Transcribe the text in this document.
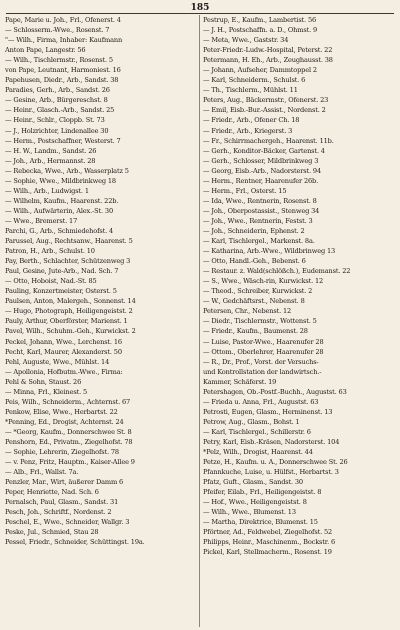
185
Pape, Marie u. Joh., Frl., Ofenerst. 4
— Schlosserm.-Wwe., Rosenst. 7
"— Wilh., Firma, Inhaber: Kaufmann
Anton Pape, Langestr. 56
— Wilh., Tischlermstr., Rosenst. 5
von Pape, Leutnant, Harmoniest. 16
Papehusen, Diedr., Arb., Sandst. 38
Paradies, Gerh., Arb., Sandst. 26
— Gesine, Arb., Bürgereschst. 8
— Heinr., Glasch.-Arb., Sandst. 25
— Heinr., Schlr., Cloppb. St. 73
— J., Holzrichter, Lindenallee 30
— Herm., Postschaffner, Westerst. 7
— H. W., Landm., Sandst. 26
— Joh., Arb., Hermannst. 28
— Rebecka, Wwe., Arb., Wasserplatz 5
— Sophie, Wwe., Mildbrinkweg 18
— Wilh., Arb., Ludwigst. 1
— Wilhelm, Kaufm., Haarenst. 22b.
— Wilh., Aufwärterin, Alex.-St. 30
— Wwe., Bremerst. 17
Parchi, G., Arb., Schmiedehofst. 4
Parussel, Aug., Rechtsanw., Haarenst. 5
Patron, H., Arb., Schulst. 10
Pay, Berth., Schlachter, Schützenweg 3
Paul, Gesine, Jute-Arb., Nad. Sch. 7
— Otto, Hoboist, Nad.-St. 85
Pauling, Konzertmeister, Osterst. 5
Paulsen, Anton, Malergeh., Sonnenst. 14
— Hugo, Photograph, Heiligengeistst. 2
Pauly, Arthur, Oberförster, Marienst. 1
Pavel, Wilh., Schuhm.-Geh., Kurwickst. 2
Peckel, Johann, Wwe., Lerchenst. 16
Pecht, Karl, Maurer, Alexanderst. 50
Pehl, Auguste, Wwe., Mühlst. 14
— Apollonia, Hofbutm.-Wwe., Firma:
Pehl & Sohn, Staust. 26
— Minna, Frl., Kleinest. 5
Peis, Wilh., Schneiderm., Achternst. 67
Penkow, Elise, Wwe., Herbartst. 22
*Penning, Ed., Drogist, Achternst. 24
— *Georg, Kaufm., Donnerschwee St. 8
Penshorn, Ed., Privatm., Ziegelhofst. 78
— Sophie, Lehrerin, Ziegelhofst. 78
— v. Penz, Fritz, Hauptm., Kaiser-Allee 9
— Alb., Frl., Wallst. 7a.
Penzler, Mar., Wirt, äußerer Damm 6
Peper, Henriette, Nad. Sch. 6
Pernalsch, Paul, Glasm., Sandst. 31
Pesch, Joh., Schriftf., Nordenst. 2
Peschel, E., Wwe., Schneider, Wallgr. 3
Peske, Jul., Schmied, Stau 28
Pessel, Friedr., Schneider, Schüttingst. 19a.
Pestrup, E., Kaufm., Lambertist. 56
— J. H., Postschaffn. a. D., Ohmst. 9
— Meta, Wwe., Gaststr. 34
Peter-Friedr.-Ludw.-Hospital, Peterst. 22
Petermann, H. Eh., Arb., Zeughausst. 38
— Johann, Aufseher, Dammtoppel 2
— Karl, Schneiderm., Schulst. 6
— Th., Tischlerm., Mühlst. 11
Peters, Aug., Bäckermstr., Ofenerst. 23
— Emil, Eisb.-Bur.-Assist., Nordenst. 2
— Friedr., Arb., Ofener Ch. 18
— Friedr., Arb., Kriegerst. 3
— Fr., Schirrmachergeh., Haarenst. 11b.
— Gerh., Konditor-Bäcker, Gartenst. 4
— Gerh., Schlosser, Mildbrinkweg 3
— Georg, Eisb.-Arb., Nadorsterst. 94
— Herm., Rentner, Haarenufer 26b.
— Herm., Frl., Osterst. 15
— Ida, Wwe., Rentnerin, Rosenst. 8
— Joh., Oberpostassist., Stenweg 34
— Joh., Wwe., Rentnerin, Festst. 3
— Joh., Schneiderin, Ephenst. 2
— Karl, Tischlergel., Markenst. 8a.
— Katharina, Arb.-Wwe., Wildbrinweg 13
— Otto, Handl.-Geh., Bebenst. 6
— Restaur. z. Wald(schlößch.), Eudemanst. 22
— S., Wwe., Wäsch-rin, Kurwickst. 12
— Theod., Schreiber, Kurwickst. 2
— W., Gedchäftsrst., Nebenst. 8
Petersen, Chr., Nebenst. 12
— Diedr., Tischlermstr., Wottenst. 5
— Friedr., Kaufm., Baumenst. 28
— Luise, Pastor-Wwe., Haarenufer 28
— Ottom., Oberlehrer, Haarenufer 28
— R., Dr., Prof., Vorst. der Versuchs-
und Kontrollstation der landwirtsch.-
Kammer, Schäferst. 19
Petershagen, Ob.-Postf.-Buchh., Augustst. 63
— Frieda u. Anna, Frl., Augustst. 63
Petrosti, Eugen, Glasm., Herminenst. 13
Petrow, Aug., Glasm., Bohst. 1
— Karl, Tischlergel., Schillerstr. 6
Petry, Karl, Eisb.-Kräsen, Nadorsterst. 104
*Pelz, Wilh., Drogist, Haarenst. 44
Petze, H., Kaufm. u. A., Donnerschwee St. 26
Pfannkuche, Luise, u. Hülfst., Herbartst. 3
Pfatz, Guft., Glasm., Sandst. 30
Pfeifer, Eilab., Frl., Heiligengeistst. 8
— Hof., Wwe., Heiligengeistst. 8
— Wilh., Wwe., Blumenst. 13
— Martha, Direktrice, Blumenst. 15
Pförtner, Ad., Feldwebel, Ziegelhofst. 52
Philipps, Heinr., Maschinenm., Bockstr. 6
Pickel, Karl, Stellmacherm., Rosenst. 19
